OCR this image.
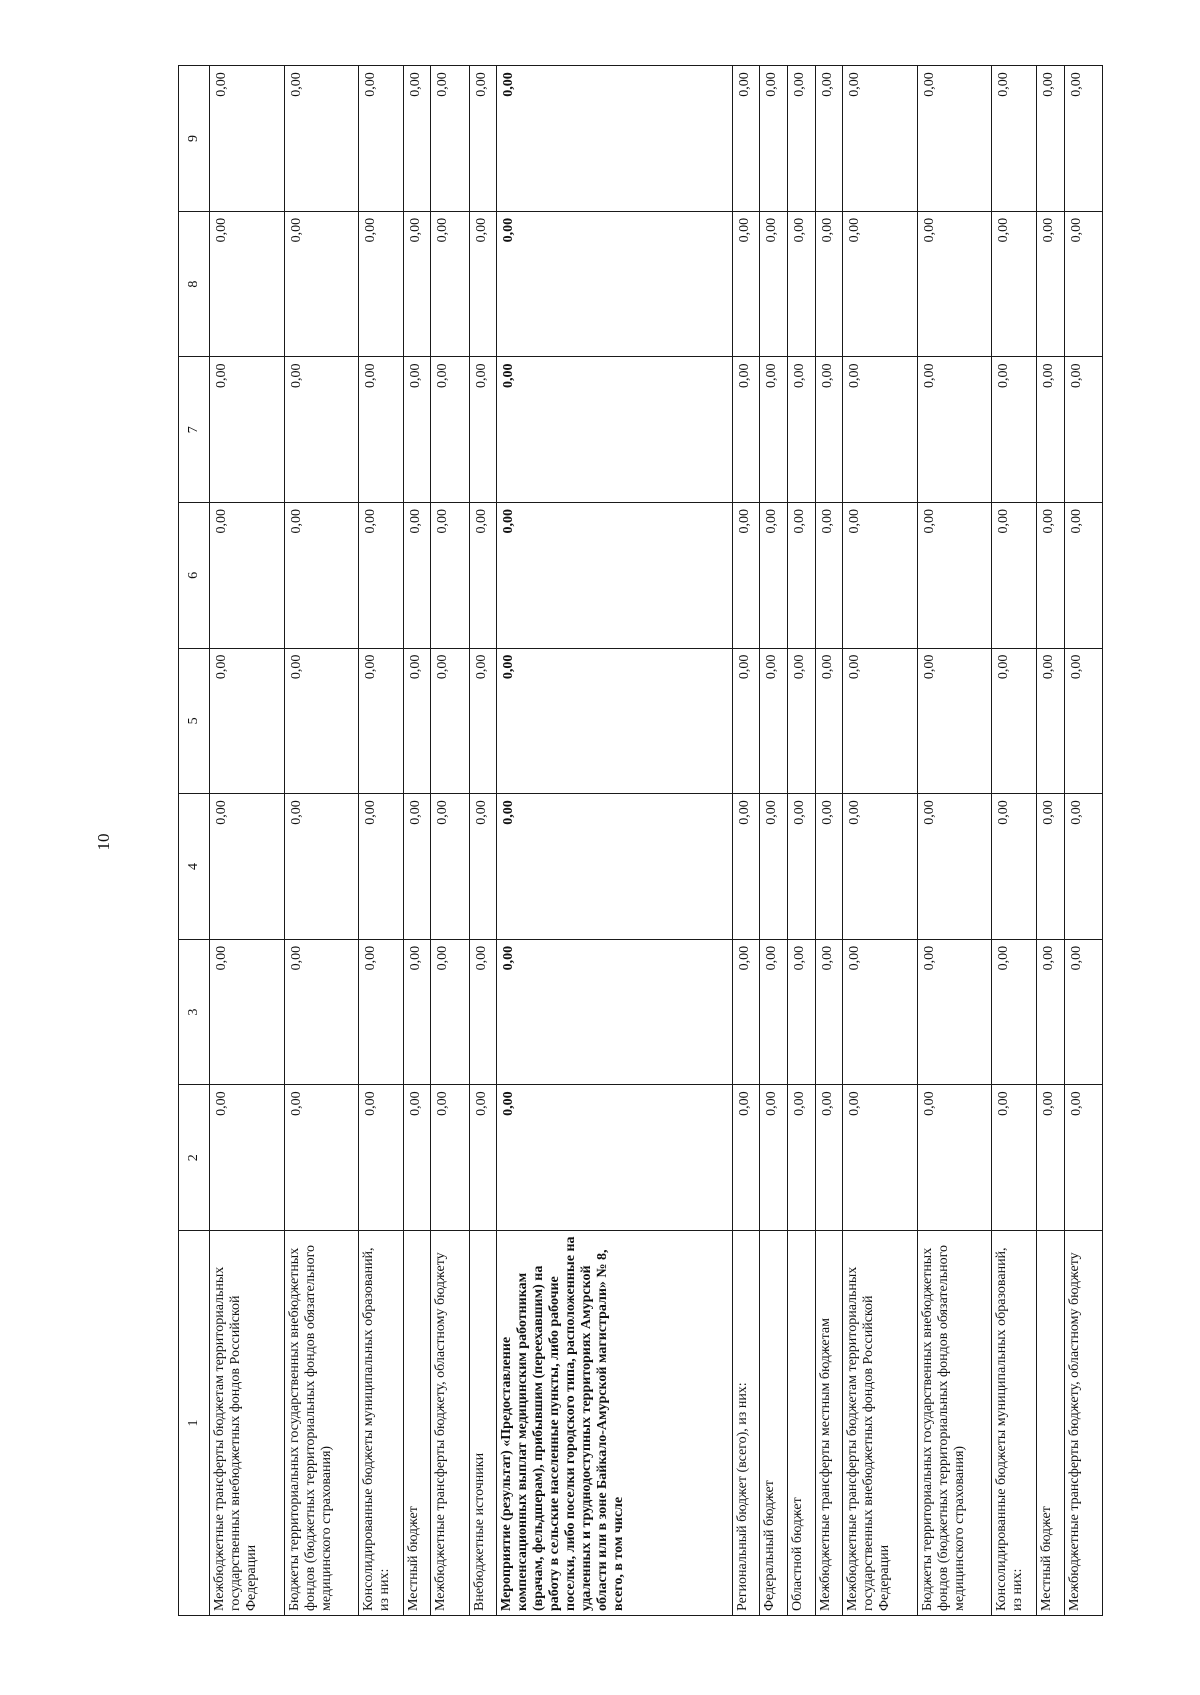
10
1	2	3	4	5	6	7	8	9
Межбюджетные трансферты бюджетам территориальных государственных внебюджетных фондов Российской Федерации	0,00	0,00	0,00	0,00	0,00	0,00	0,00	0,00
Бюджеты территориальных государственных внебюджетных фондов (бюджетных территориальных фондов обязательного медицинского страхования)	0,00	0,00	0,00	0,00	0,00	0,00	0,00	0,00
Консолидированные бюджеты муниципальных образований, из них:	0,00	0,00	0,00	0,00	0,00	0,00	0,00	0,00
Местный бюджет	0,00	0,00	0,00	0,00	0,00	0,00	0,00	0,00
Межбюджетные трансферты бюджету, областному бюджету	0,00	0,00	0,00	0,00	0,00	0,00	0,00	0,00
Внебюджетные источники	0,00	0,00	0,00	0,00	0,00	0,00	0,00	0,00
Мероприятие (результат) «Предоставление компенсационных выплат медицинским работникам (врачам, фельдшерам), прибывшим (переехавшим) на работу в сельские населенные пункты, либо рабочие поселки, либо поселки городского типа, расположенные на удаленных и труднодоступных территориях Амурской области или в зоне Байкало-Амурской магистрали» № 8, всего, в том числе	0,00	0,00	0,00	0,00	0,00	0,00	0,00	0,00
Региональный бюджет (всего), из них:	0,00	0,00	0,00	0,00	0,00	0,00	0,00	0,00
Федеральный бюджет	0,00	0,00	0,00	0,00	0,00	0,00	0,00	0,00
Областной бюджет	0,00	0,00	0,00	0,00	0,00	0,00	0,00	0,00
Межбюджетные трансферты местным бюджетам	0,00	0,00	0,00	0,00	0,00	0,00	0,00	0,00
Межбюджетные трансферты бюджетам территориальных государственных внебюджетных фондов Российской Федерации	0,00	0,00	0,00	0,00	0,00	0,00	0,00	0,00
Бюджеты территориальных государственных внебюджетных фондов (бюджетных территориальных фондов обязательного медицинского страхования)	0,00	0,00	0,00	0,00	0,00	0,00	0,00	0,00
Консолидированные бюджеты муниципальных образований, из них:	0,00	0,00	0,00	0,00	0,00	0,00	0,00	0,00
Местный бюджет	0,00	0,00	0,00	0,00	0,00	0,00	0,00	0,00
Межбюджетные трансферты бюджету, областному бюджету	0,00	0,00	0,00	0,00	0,00	0,00	0,00	0,00
